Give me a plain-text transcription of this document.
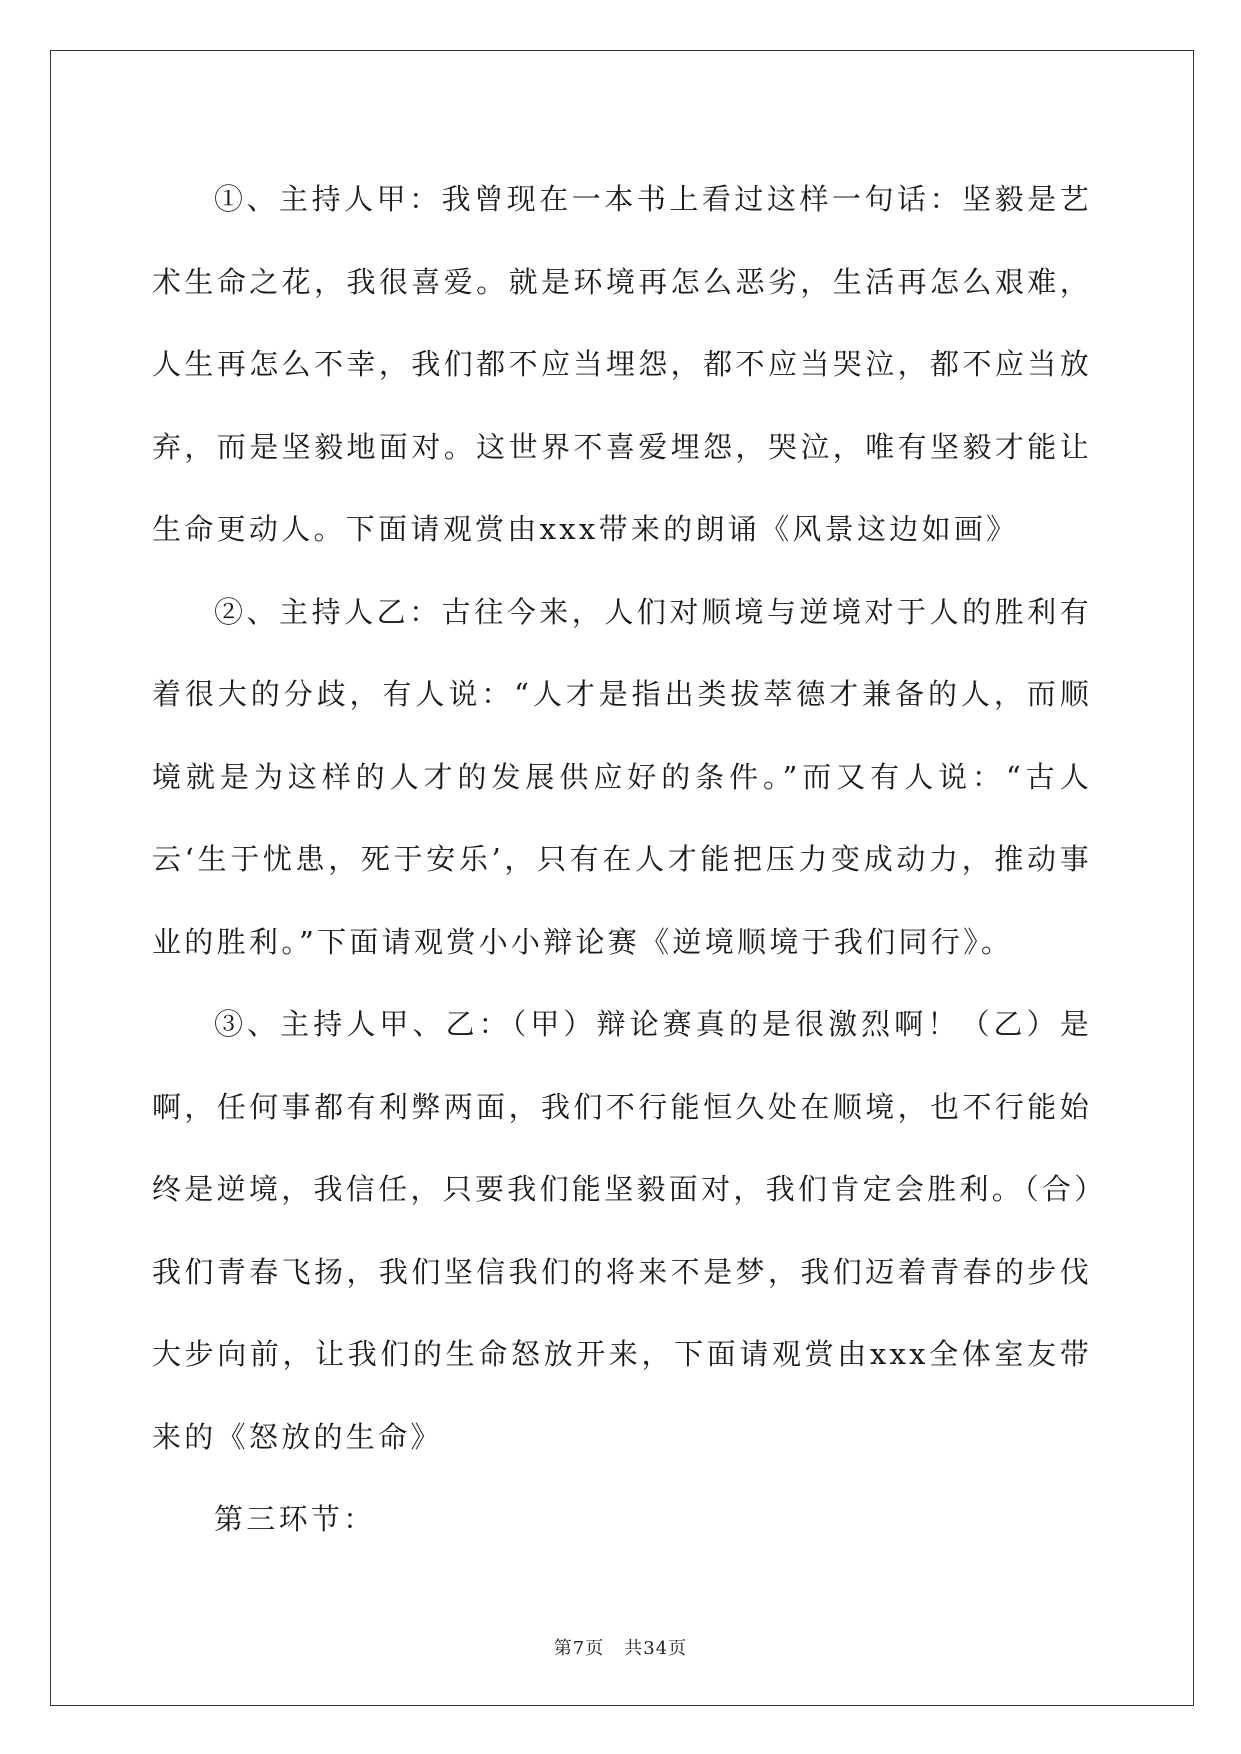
①、主持人甲：我曾现在一本书上看过这样一句话：坚毅是艺术生命之花，我很喜爱。就是环境再怎么恶劣，生活再怎么艰难，人生再怎么不幸，我们都不应当埋怨，都不应当哭泣，都不应当放弃，而是坚毅地面对。这世界不喜爱埋怨，哭泣，唯有坚毅才能让生命更动人。下面请观赏由xxx带来的朗诵《风景这边如画》

②、主持人乙：古往今来，人们对顺境与逆境对于人的胜利有着很大的分歧，有人说：“人才是指出类拔萃德才兼备的人，而顺境就是为这样的人才的发展供应好的条件。”而又有人说：“古人云‘生于忧患，死于安乐’，只有在人才能把压力变成动力，推动事业的胜利。”下面请观赏小小辩论赛《逆境顺境于我们同行》。

③、主持人甲、乙：（甲）辩论赛真的是很激烈啊！（乙）是啊，任何事都有利弊两面，我们不行能恒久处在顺境，也不行能始终是逆境，我信任，只要我们能坚毅面对，我们肯定会胜利。（合）我们青春飞扬，我们坚信我们的将来不是梦，我们迈着青春的步伐大步向前，让我们的生命怒放开来，下面请观赏由xxx全体室友带来的《怒放的生命》

第三环节：

第7页 共34页
